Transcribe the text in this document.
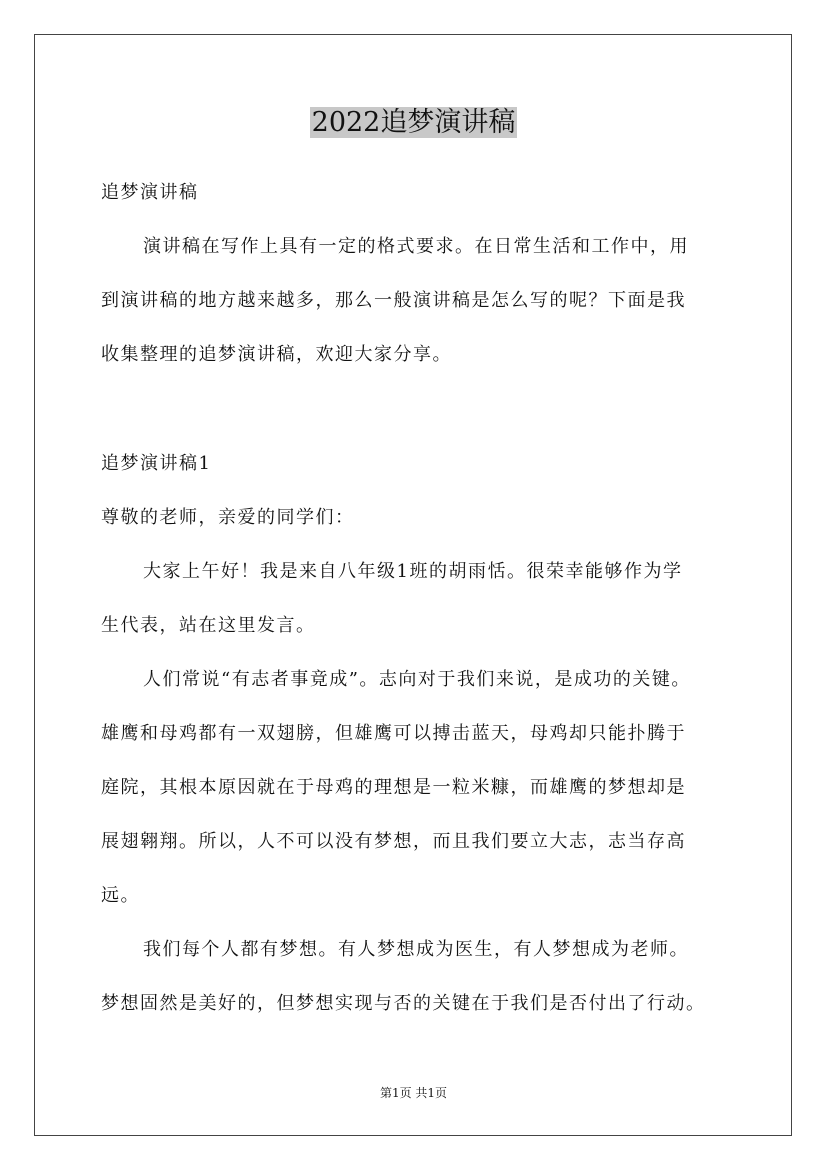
2022追梦演讲稿
追梦演讲稿
演讲稿在写作上具有一定的格式要求。在日常生活和工作中，用
到演讲稿的地方越来越多，那么一般演讲稿是怎么写的呢？下面是我
收集整理的追梦演讲稿，欢迎大家分享。
追梦演讲稿1
尊敬的老师，亲爱的同学们：
大家上午好！我是来自八年级1班的胡雨恬。很荣幸能够作为学
生代表，站在这里发言。
人们常说“有志者事竟成”。志向对于我们来说，是成功的关键。
雄鹰和母鸡都有一双翅膀，但雄鹰可以搏击蓝天，母鸡却只能扑腾于
庭院，其根本原因就在于母鸡的理想是一粒米糠，而雄鹰的梦想却是
展翅翱翔。所以，人不可以没有梦想，而且我们要立大志，志当存高
远。
我们每个人都有梦想。有人梦想成为医生，有人梦想成为老师。
梦想固然是美好的，但梦想实现与否的关键在于我们是否付出了行动。
第1页 共1页
